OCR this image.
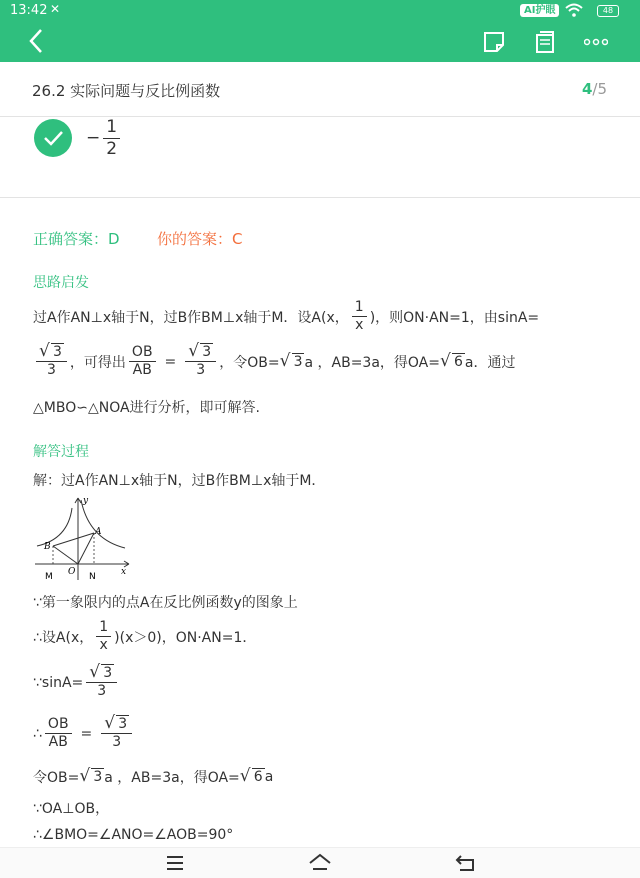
13:42 ✕	AI护眼	48
26.2 实际问题与反比例函数	4/5
− $\frac{1}{2}$
正确答案：D 你的答案：C
思路启发
过A作AN⊥x轴于N，过B作BM⊥x轴于M．设A(x， $\frac{1}{x}$ )，则ON·AN=1，由sinA=
√ $\frac{3}{3}$ ，可得出 $\frac{OB}{AB}$ = √ $\frac{3}{3}$ ，令OB=	√ 3 a ，AB=3a，得OA=	√ 6 a．通过
△MBO∽△NOA进行分析，即可解答.
解答过程
解：过A作AN⊥x轴于N，过B作BM⊥x轴于M．
y
x
O
A
B
M	N
∵第一象限内的点A在反比例函数y的图象上
∴设A(x， $\frac{1}{x} )(x>0)$，ON·AN=1．
∵sinA= √ $\frac{3}{3}$
∴ $\frac{OB}{AB}$ = √ $\frac{3}{3}$
令OB=	√ 3 a ，AB=3a，得OA=	√ 6 a
∵OA⊥OB，
∴∠BMO=∠ANO=∠AOB=90°
